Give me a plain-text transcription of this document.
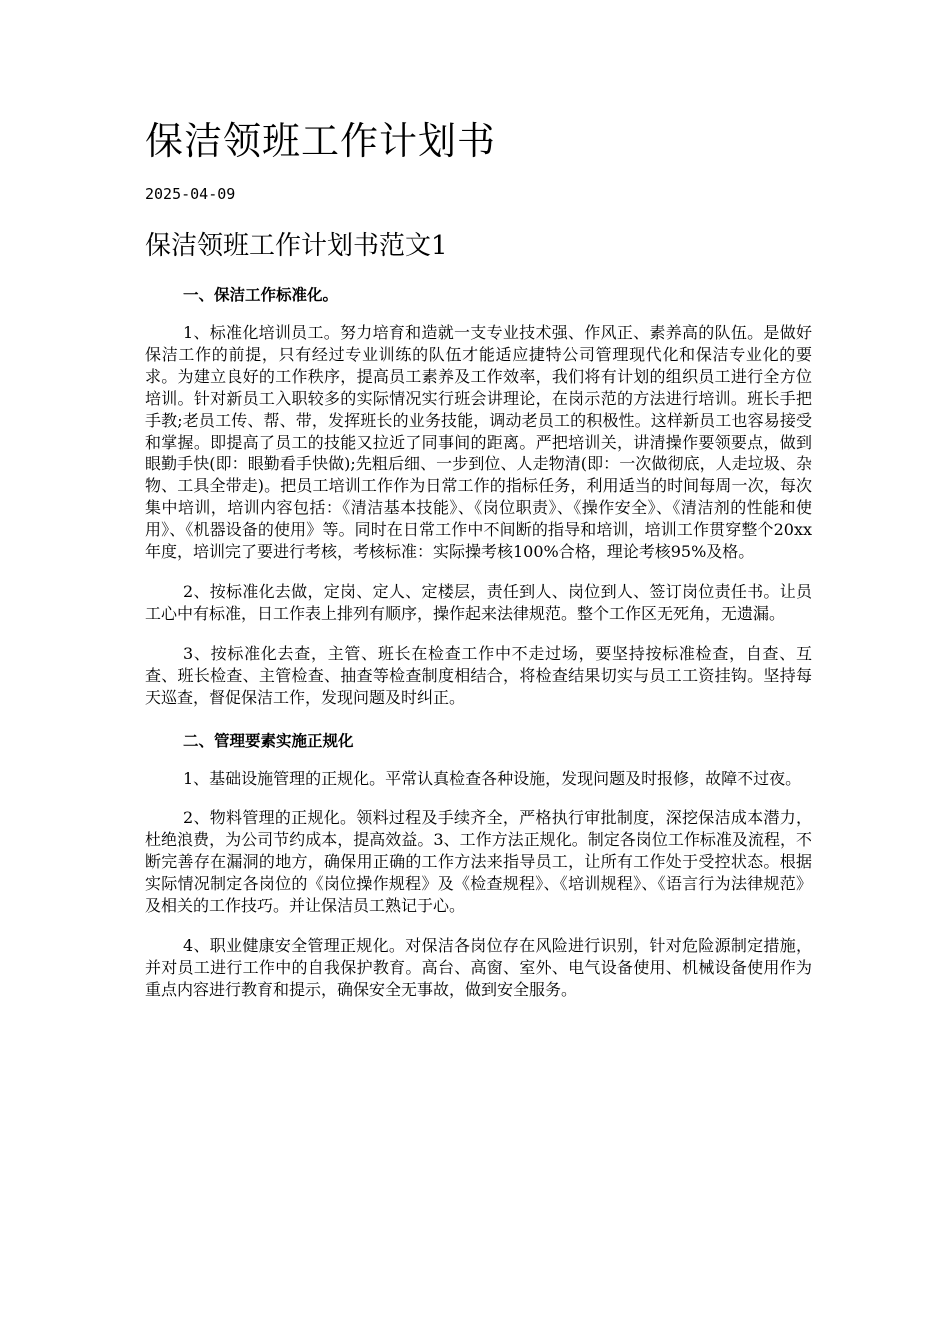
保洁领班工作计划书
2025-04-09
保洁领班工作计划书范文1
一、保洁工作标准化。

1、标准化培训员工。努力培育和造就一支专业技术强、作风正、素养高的队伍。是做好保洁工作的前提，只有经过专业训练的队伍才能适应捷特公司管理现代化和保洁专业化的要求。为建立良好的工作秩序，提高员工素养及工作效率，我们将有计划的组织员工进行全方位培训。针对新员工入职较多的实际情况实行班会讲理论，在岗示范的方法进行培训。班长手把手教;老员工传、帮、带，发挥班长的业务技能，调动老员工的积极性。这样新员工也容易接受和掌握。即提高了员工的技能又拉近了同事间的距离。严把培训关，讲清操作要领要点，做到眼勤手快(即：眼勤看手快做);先粗后细、一步到位、人走物清(即：一次做彻底，人走垃圾、杂物、工具全带走)。把员工培训工作作为日常工作的指标任务，利用适当的时间每周一次，每次集中培训，培训内容包括：《清洁基本技能》、《岗位职责》、《操作安全》、《清洁剂的性能和使用》、《机器设备的使用》等。同时在日常工作中不间断的指导和培训，培训工作贯穿整个20xx年度，培训完了要进行考核，考核标准：实际操考核100%合格，理论考核95%及格。

2、按标准化去做，定岗、定人、定楼层，责任到人、岗位到人、签订岗位责任书。让员工心中有标准，日工作表上排列有顺序，操作起来法律规范。整个工作区无死角，无遗漏。

3、按标准化去查，主管、班长在检查工作中不走过场，要坚持按标准检查，自查、互查、班长检查、主管检查、抽查等检查制度相结合，将检查结果切实与员工工资挂钩。坚持每天巡查，督促保洁工作，发现问题及时纠正。

二、管理要素实施正规化

1、基础设施管理的正规化。平常认真检查各种设施，发现问题及时报修，故障不过夜。

2、物料管理的正规化。领料过程及手续齐全，严格执行审批制度，深挖保洁成本潜力，杜绝浪费，为公司节约成本，提高效益。3、工作方法正规化。制定各岗位工作标准及流程，不断完善存在漏洞的地方，确保用正确的工作方法来指导员工，让所有工作处于受控状态。根据实际情况制定各岗位的《岗位操作规程》及《检查规程》、《培训规程》、《语言行为法律规范》及相关的工作技巧。并让保洁员工熟记于心。

4、职业健康安全管理正规化。对保洁各岗位存在风险进行识别，针对危险源制定措施，并对员工进行工作中的自我保护教育。高台、高窗、室外、电气设备使用、机械设备使用作为重点内容进行教育和提示，确保安全无事故，做到安全服务。
